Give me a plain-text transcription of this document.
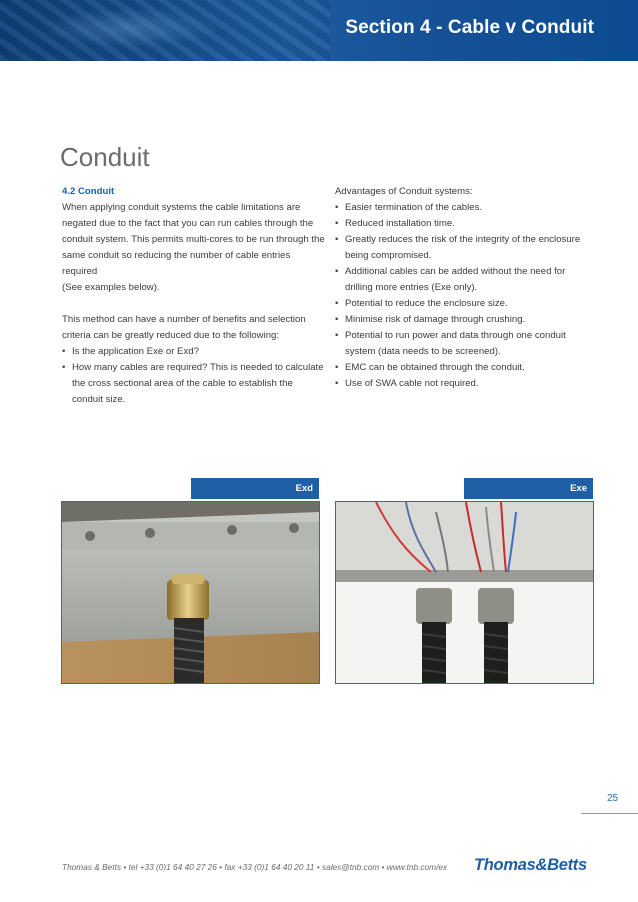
Section 4 - Cable v Conduit
Conduit

4.2 Conduit

When applying conduit systems the cable limitations are

negated due to the fact that you can run cables through the

conduit system. This permits multi-cores to be run through the

same conduit so reducing the number of cable entries required

(See examples below).

This method can have a number of benefits and selection

criteria can be greatly reduced due to the following:

• Is the application Exe or Exd?

• How many cables are required? This is needed to calculate

the cross sectional area of the cable to establish the

conduit size.

Advantages of Conduit systems:

• Easier termination of the cables.

• Reduced installation time.

• Greatly reduces the risk of the integrity of the enclosure

being compromised.

• Additional cables can be added without the need for

drilling more entries (Exe only).

• Potential to reduce the enclosure size.

• Minimise risk of damage through crushing.

• Potential to run power and data through one conduit

system (data needs to be screened).

• EMC can be obtained through the conduit.

• Use of SWA cable not required.

Exd	Exe
25
Thomas & Betts • tel +33 (0)1 64 40 27 26 • fax +33 (0)1 64 40 20 11 • sales@tnb.com • www.tnb.com/ex Thomas&Betts
